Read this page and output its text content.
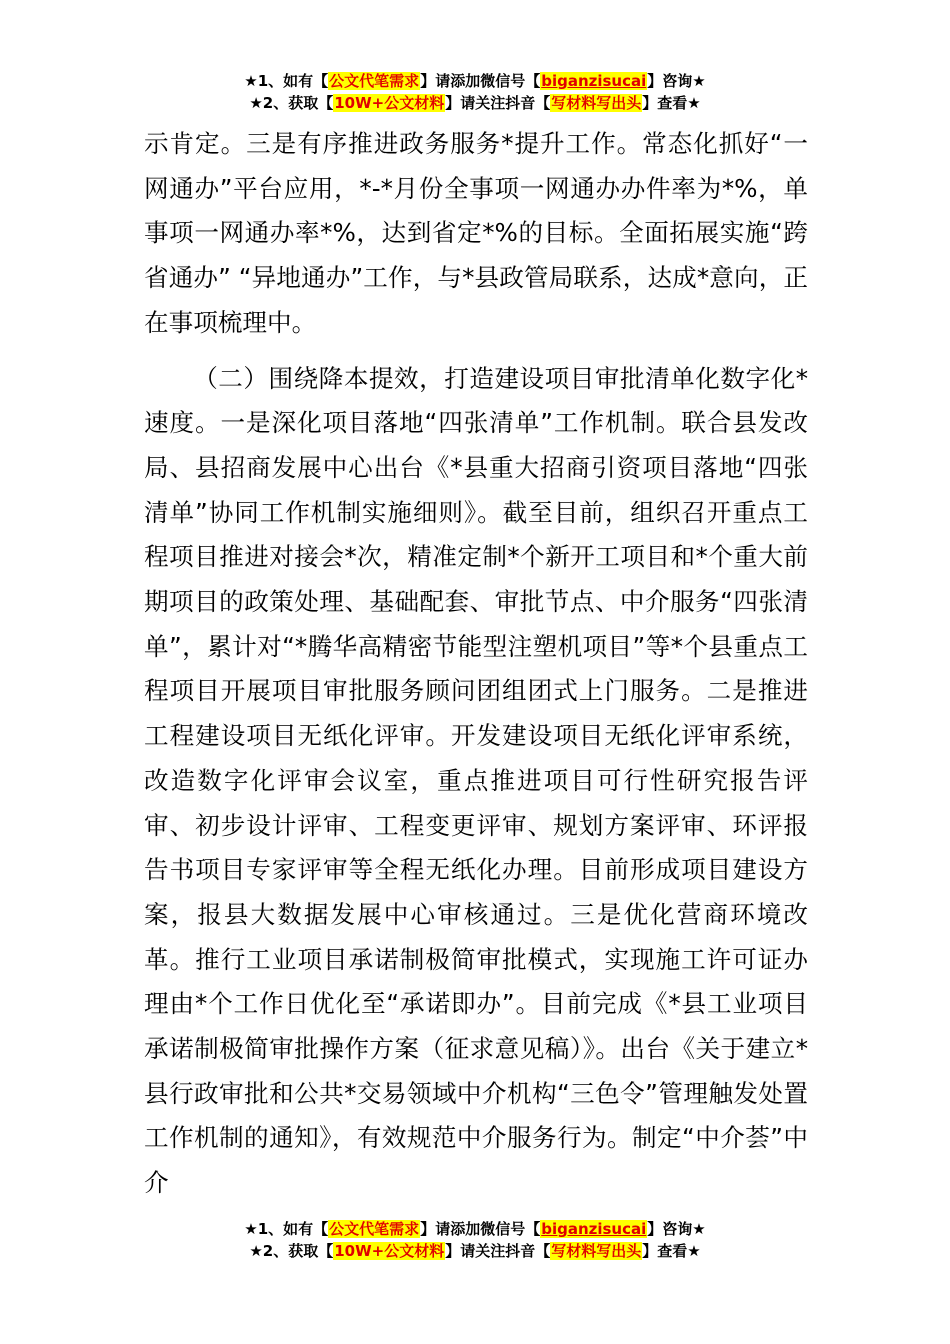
★1、如有【公文代笔需求】请添加微信号【biganzisucai】咨询★
★2、获取【10W+公文材料】请关注抖音【写材料写出头】查看★

示肯定。三是有序推进政务服务*提升工作。常态化抓好“一网通办”平台应用，*-*月份全事项一网通办办件率为*%，单事项一网通办率*%，达到省定*%的目标。全面拓展实施“跨省通办” “异地通办”工作，与*县政管局联系，达成*意向，正在事项梳理中。

（二）围绕降本提效，打造建设项目审批清单化数字化*速度。一是深化项目落地“四张清单”工作机制。联合县发改局、县招商发展中心出台《*县重大招商引资项目落地“四张清单”协同工作机制实施细则》。截至目前，组织召开重点工程项目推进对接会*次，精准定制*个新开工项目和*个重大前期项目的政策处理、基础配套、审批节点、中介服务“四张清单”，累计对“*腾华高精密节能型注塑机项目”等*个县重点工程项目开展项目审批服务顾问团组团式上门服务。二是推进工程建设项目无纸化评审。开发建设项目无纸化评审系统，改造数字化评审会议室，重点推进项目可行性研究报告评审、初步设计评审、工程变更评审、规划方案评审、环评报告书项目专家评审等全程无纸化办理。目前形成项目建设方案，报县大数据发展中心审核通过。三是优化营商环境改革。推行工业项目承诺制极简审批模式，实现施工许可证办理由*个工作日优化至“承诺即办”。目前完成《*县工业项目承诺制极简审批操作方案（征求意见稿）》。出台《关于建立*县行政审批和公共*交易领域中介机构“三色令”管理触发处置工作机制的通知》，有效规范中介服务行为。制定“中介荟”中介

★1、如有【公文代笔需求】请添加微信号【biganzisucai】咨询★
★2、获取【10W+公文材料】请关注抖音【写材料写出头】查看★
